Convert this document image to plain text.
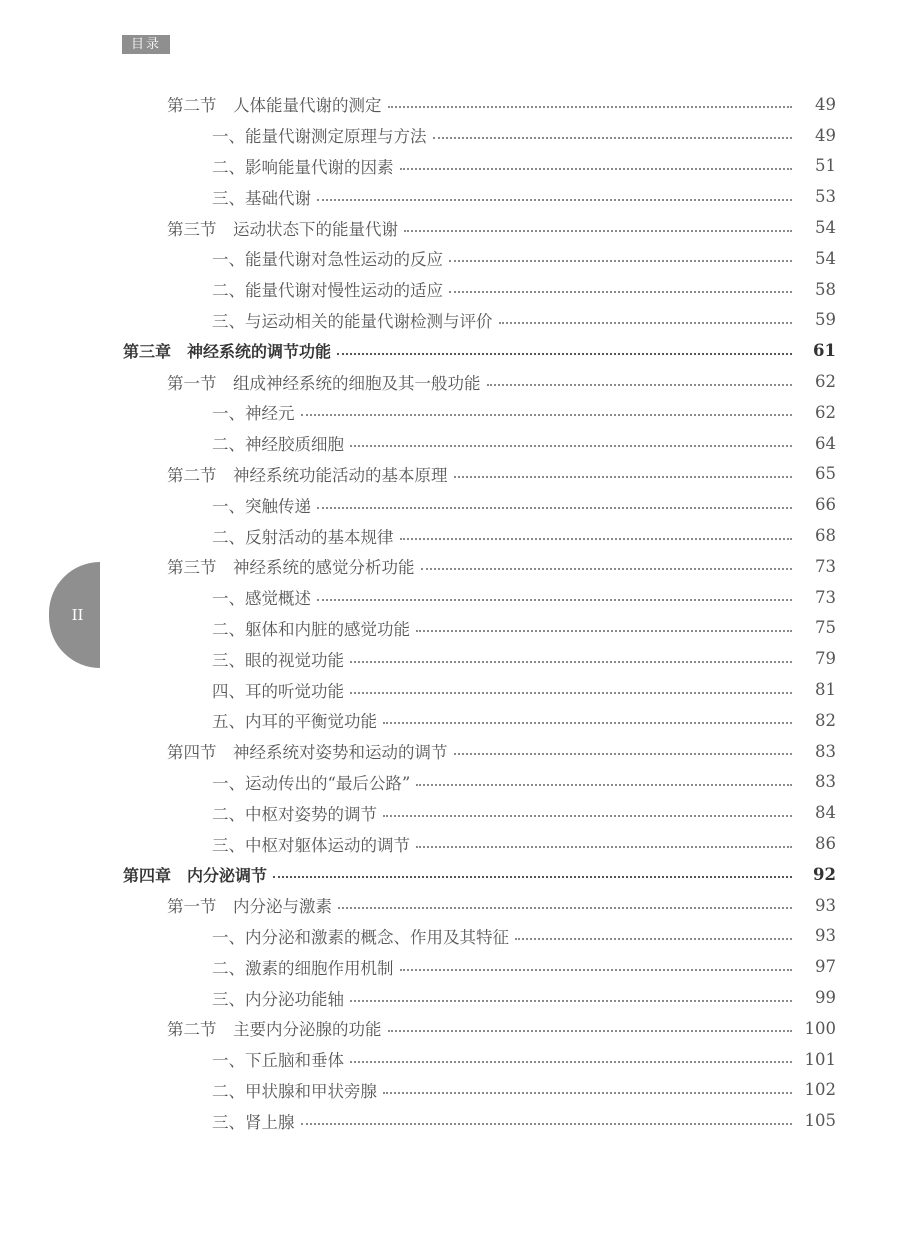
目录
II
第二节　人体能量代谢的测定	49
一、能量代谢测定原理与方法	49
二、影响能量代谢的因素	51
三、基础代谢	53
第三节　运动状态下的能量代谢	54
一、能量代谢对急性运动的反应	54
二、能量代谢对慢性运动的适应	58
三、与运动相关的能量代谢检测与评价	59
第三章　神经系统的调节功能	61
第一节　组成神经系统的细胞及其一般功能	62
一、神经元	62
二、神经胶质细胞	64
第二节　神经系统功能活动的基本原理	65
一、突触传递	66
二、反射活动的基本规律	68
第三节　神经系统的感觉分析功能	73
一、感觉概述	73
二、躯体和内脏的感觉功能	75
三、眼的视觉功能	79
四、耳的听觉功能	81
五、内耳的平衡觉功能	82
第四节　神经系统对姿势和运动的调节	83
一、运动传出的“最后公路”	83
二、中枢对姿势的调节	84
三、中枢对躯体运动的调节	86
第四章　内分泌调节	92
第一节　内分泌与激素	93
一、内分泌和激素的概念、作用及其特征	93
二、激素的细胞作用机制	97
三、内分泌功能轴	99
第二节　主要内分泌腺的功能	100
一、下丘脑和垂体	101
二、甲状腺和甲状旁腺	102
三、肾上腺	105
